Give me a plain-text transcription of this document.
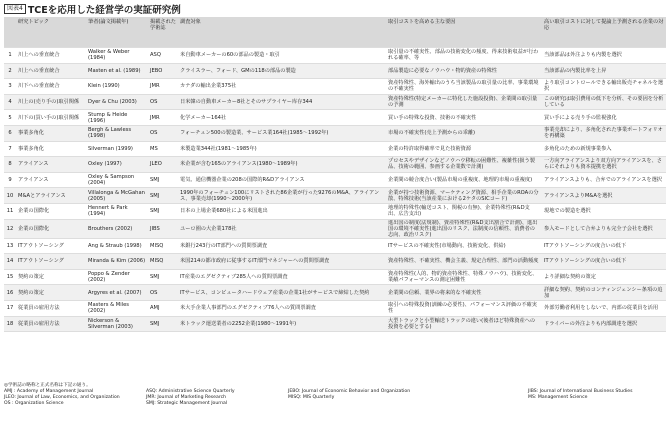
図表4 TCEを応用した経営学の実証研究例
	研究トピック	筆者(論文掲載年)	掲載された学術誌	調査対象	取引コストを高める主な要因	高い取引コストに対して提論上予測される企業の対応
1	川上への垂直統合	Walker & Weber (1984)	ASQ	米自動車メーカーの60の部品の製造・取引	取引量の不確実性、部品の技術変化の頻度、得来技術収益が行われる確率、等	当該部品は外注よりも内製を選択
2	川上への垂直統合	Masten et al. (1989)	JEBO	クライスラー、フォード、GMの118の部品の製造	部品製造に必要なノウハウ・物的資産の特殊性	当該部品の内製比率を上昇
3	川下への垂直統合	Klein (1990)	JMR	カナダの輸出企業375社	資産特殊性、海外輸出のうち当該製品の取引量の比率、事業環境の不確実性	より取引コントロールできる輸出販売チャネルを選択
4	川上の(売り手の)取引関係	Dyer & Chu (2003)	OS	日米韓の自動車メーカー8社とそのサプライヤー库存344	資産特殊性(特定メーカーに特化した施設投資)、企業間の取引量の予測	この研究は取引費用の低下を分析、その要因を分析している
5	川下の(買い手の)取引関係	Stump & Heide (1996)	JMR	化学メーカー164社	買い手の特殊な投資、技術の不確実性	買い手による売り手の監視強化
6	事業多角化	Bergh & Lawless (1998)	OS	フォーチュン500の製造業、サービス業164社(1985～1992年)	市場の不確実性(売上予測からの乖離)	事業売却により、多角化された事業ポートフォリオを再構築
7	事業多角化	Silverman (1999)	MS	米製造業344社(1981～1985年)	企業の特許取得確率で見た技術資源	多角化のための新規事業参入
8	アライアンス	Oxley (1997)	JLEO	米企業が含む165のアライアンス(1980～1989年)	プロセスやデザインなどノウハウ移転の困難性、複雑性(扱う製品、技術の範囲、参画する企業数で計測)	一方向アライアンスより双方向アライアンスを、さらにそれよりも資本提携を選択
9	アライアンス	Oxley & Sampson (2004)	SMJ	電気、通信機器企業の208の国際的R&Dアライアンス	企業間の競合度合い(製品市場の重複度、地理的市場の重複度)	アライアンスよりも、合弁でのアライアンスを選択
10	M&Aとアライアンス	Villalonga & McGahan (2005)	SMJ	1990年のフォーチュン100にリストされた86企業が行った9276のM&A、アライアンス、事業売却(1990～2000年)	企業が持つ技術資源、マーケティング資源、相手企業のROAの分散、特殊技術(当該産業における2ケタのSICコード)	アライアンスよりM&Aを選択
11	企業の国際化	Hennert & Park (1994)	SMJ	日本の上場企業680社による米国進出	地理的特殊性(輸送コスト、関税の有無)、企業特殊性(R&D支出、広告支出)	現地での製造を選択
12	企業の国際化	Brouthers (2002)	JIBS	ユーロ圏の大企業178社	進出国の制度(法規制)、資産特殊性(R&D支出割合で計測)、進出国の環境不確実性(進出国のリスク、法制度の信頼性、消費者の志向、政治リスク)	参入モードとして合弁よりも完全子会社を選択
13	ITアウトソーシング	Ang & Straub (1998)	MISQ	米銀行243行のIT部門への質問票調査	ITサービスの不確実性(市場動向、技術変化、供給)	ITアウトソーシングの度合いの低下
14	ITアウトソーシング	Miranda & Kim (2006)	MISQ	米国214の都市政府に従事するIT部門マネジャーへの質問票調査	資産特殊性、不確実性、機会主義、規定合理性、部門の活動頻度	ITアウトソーシングの度合いの低下
15	契約の策定	Poppo & Zender (2002)	SMJ	IT産業のエグゼクティブ285人への質問票調査	資産特殊性(人的、物的資産特殊性、特殊ノウハウ)、技術変化、業績パフォーマンスの測定困難性	より詳細な契約の策定
16	契約の策定	Argyres et al. (2007)	OS	ITサービス、コンピュータハードウェア産業の企業1社がサービスで締結した契約	企業間の信頼、業界の将来的な不確実性	詳細な契約、契約のコンティンジェンシー条項の追加
17	従業員の雇用方法	Masters & Miles (2002)	AMJ	米大手企業人事部門のエグゼクティブ76人への質問票調査	取引への特殊投資(訓練の必要性)、パフォーマンス評価の不確実性	外部労働者利用をしないで、内部の従業員を活用
18	従業員の雇用方法	Nickerson & Silverman (2003)	SMJ	米トラック運送業者の2252企業(1980～1991年)	大型トラックと小型輸送トラックの違い(後者ほど特殊資産への投資を必要とする)	ドライバーの外注よりも内部調達を選択
◎学術誌の略称と正式名称は下記の通り。
AMJ : Academy of Management Journal	ASQ: Administrative Science Quarterly	JEBO: Journal of Economic Behavior and Organization	JIBS: Journal of International Business Studies
JLEO: Journal of Law, Economics, and Organization	JMR: Journal of Marketing Research	MISQ: MIS Quarterly	MS: Management Science
OS : Organization Science	SMJ: Strategic Management Journal
